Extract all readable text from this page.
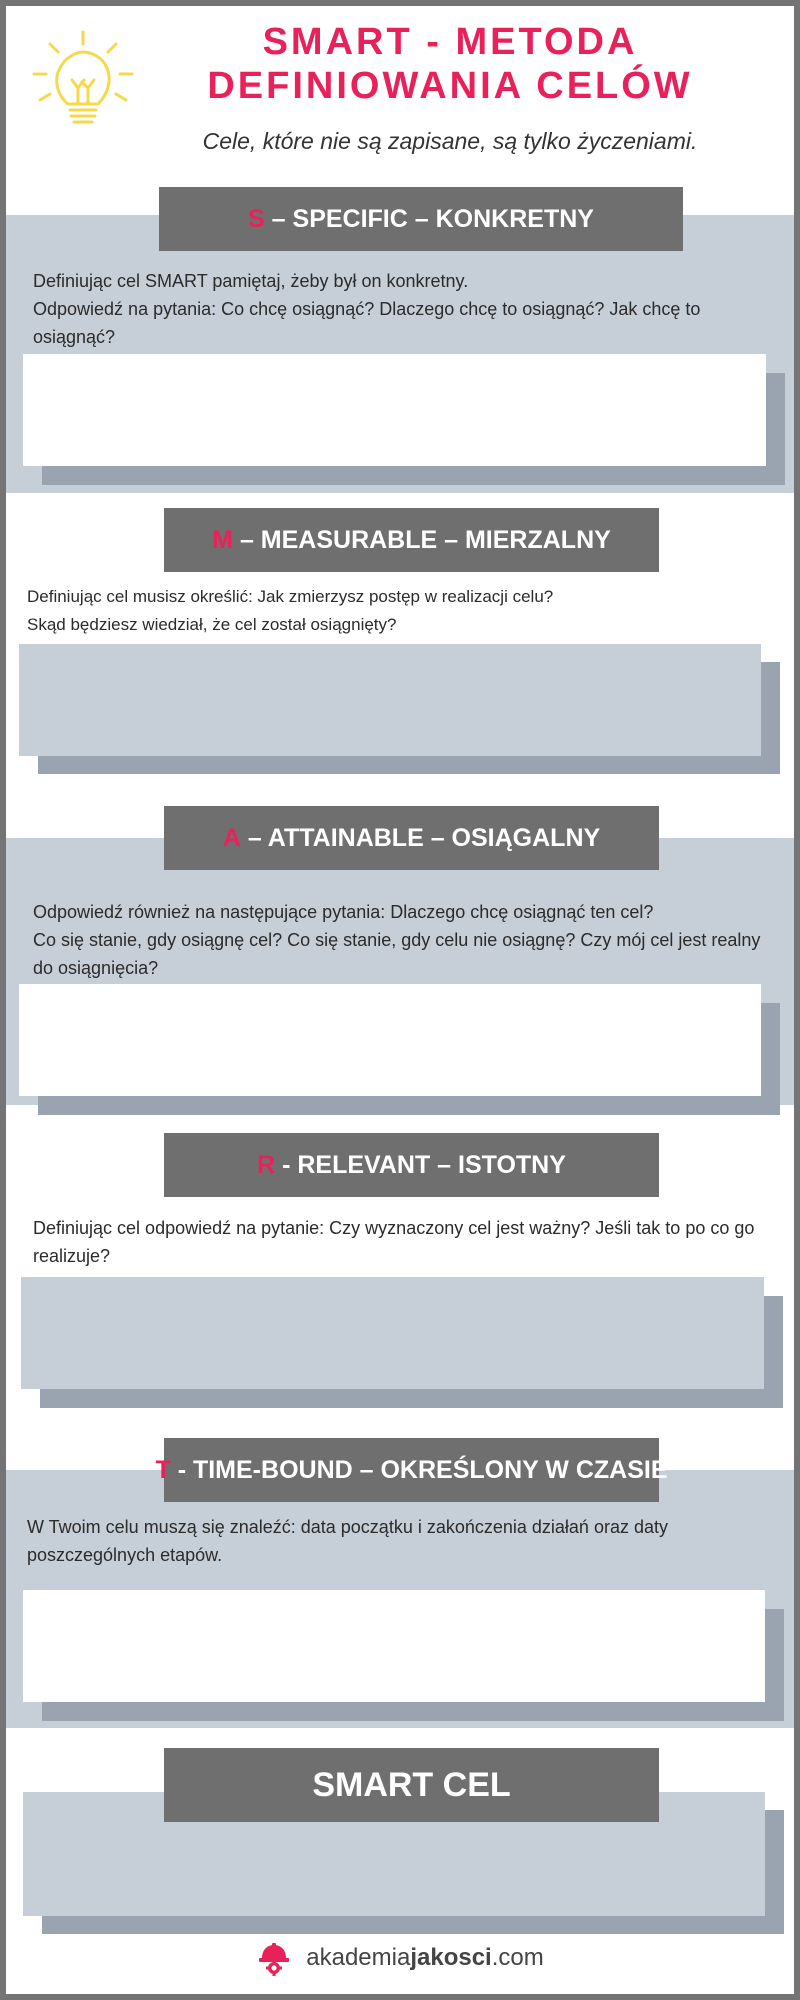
SMART - METODA
DEFINIOWANIA CELÓW
Cele, które nie są zapisane, są tylko życzeniami.
S – SPECIFIC – KONKRETNY
Definiując cel SMART pamiętaj, żeby był on konkretny.
Odpowiedź na pytania: Co chcę osiągnąć? Dlaczego chcę to osiągnąć? Jak chcę to osiągnąć?
M – MEASURABLE – MIERZALNY
Definiując cel musisz określić: Jak zmierzysz postęp w realizacji celu?
Skąd będziesz wiedział, że cel został osiągnięty?
A – ATTAINABLE – OSIĄGALNY
Odpowiedź również na następujące pytania: Dlaczego chcę osiągnąć ten cel?
Co się stanie, gdy osiągnę cel? Co się stanie, gdy celu nie osiągnę? Czy mój cel jest realny do osiągnięcia?
R - RELEVANT – ISTOTNY
Definiując cel odpowiedź na pytanie: Czy wyznaczony cel jest ważny? Jeśli tak to po co go realizuje?
T - TIME-BOUND – OKREŚLONY W CZASIE
W Twoim celu muszą się znaleźć: data początku i zakończenia działań oraz daty poszczególnych etapów.
SMART CEL
akademiajakosci.com
